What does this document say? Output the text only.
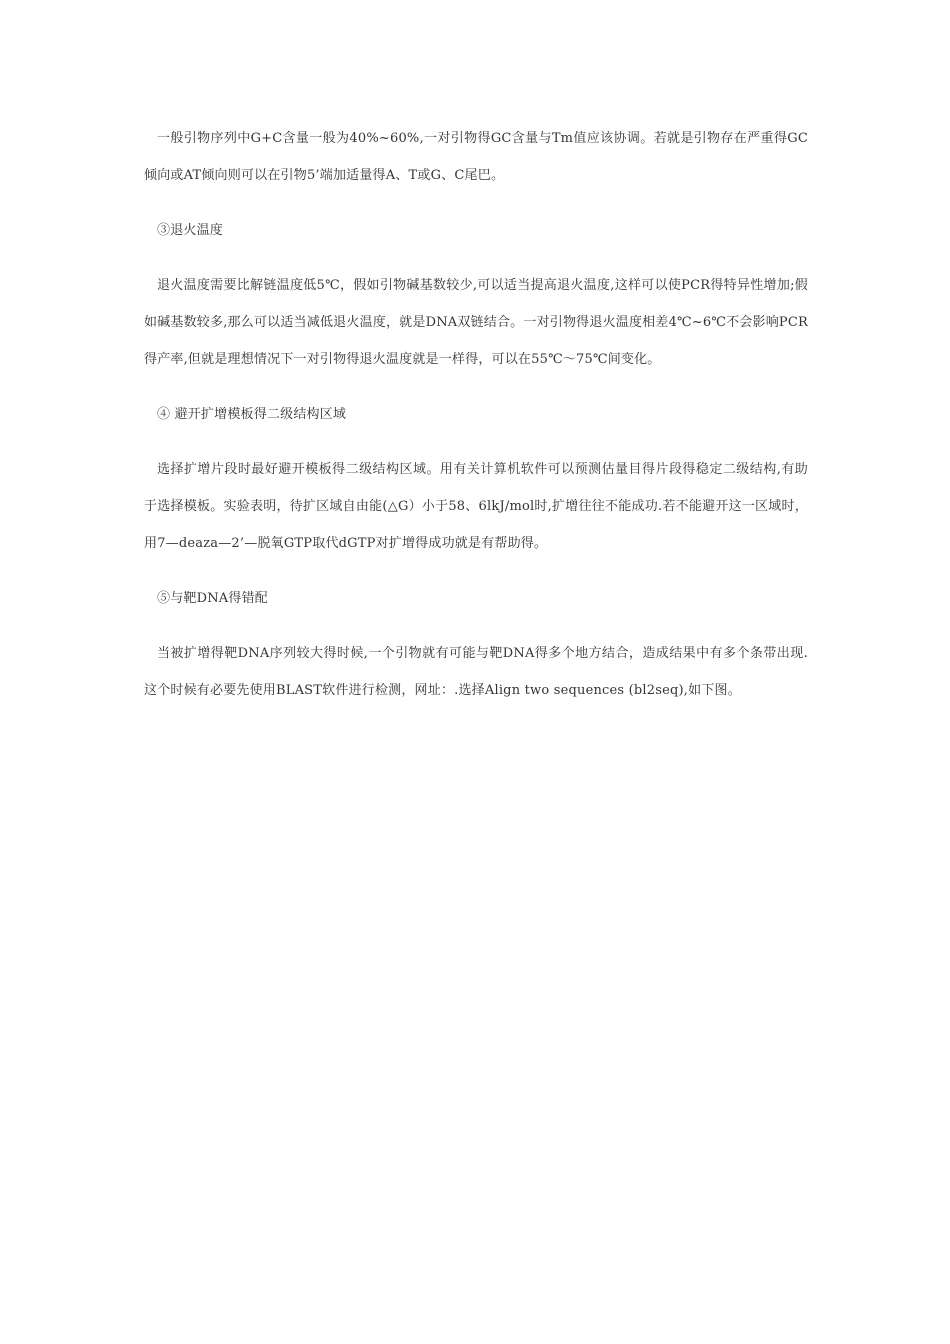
一般引物序列中G+C含量一般为40%~60%,一对引物得GC含量与Tm值应该协调。若就是引物存在严重得GC倾向或AT倾向则可以在引物5’端加适量得A、T或G、C尾巴。

③退火温度

退火温度需要比解链温度低5℃，假如引物碱基数较少,可以适当提高退火温度,这样可以使PCR得特异性增加;假如碱基数较多,那么可以适当减低退火温度，就是DNA双链结合。一对引物得退火温度相差4℃~6℃不会影响PCR得产率,但就是理想情况下一对引物得退火温度就是一样得，可以在55℃～75℃间变化。

④ 避开扩增模板得二级结构区域

选择扩增片段时最好避开模板得二级结构区域。用有关计算机软件可以预测估量目得片段得稳定二级结构,有助于选择模板。实验表明，待扩区域自由能(△G）小于58、6lkJ/mol时,扩增往往不能成功.若不能避开这一区域时，用7—deaza—2’—脱氧GTP取代dGTP对扩增得成功就是有帮助得。

⑤与靶DNA得错配

当被扩增得靶DNA序列较大得时候,一个引物就有可能与靶DNA得多个地方结合，造成结果中有多个条带出现.这个时候有必要先使用BLAST软件进行检测，网址：.选择Align two sequences (bl2seq),如下图。
